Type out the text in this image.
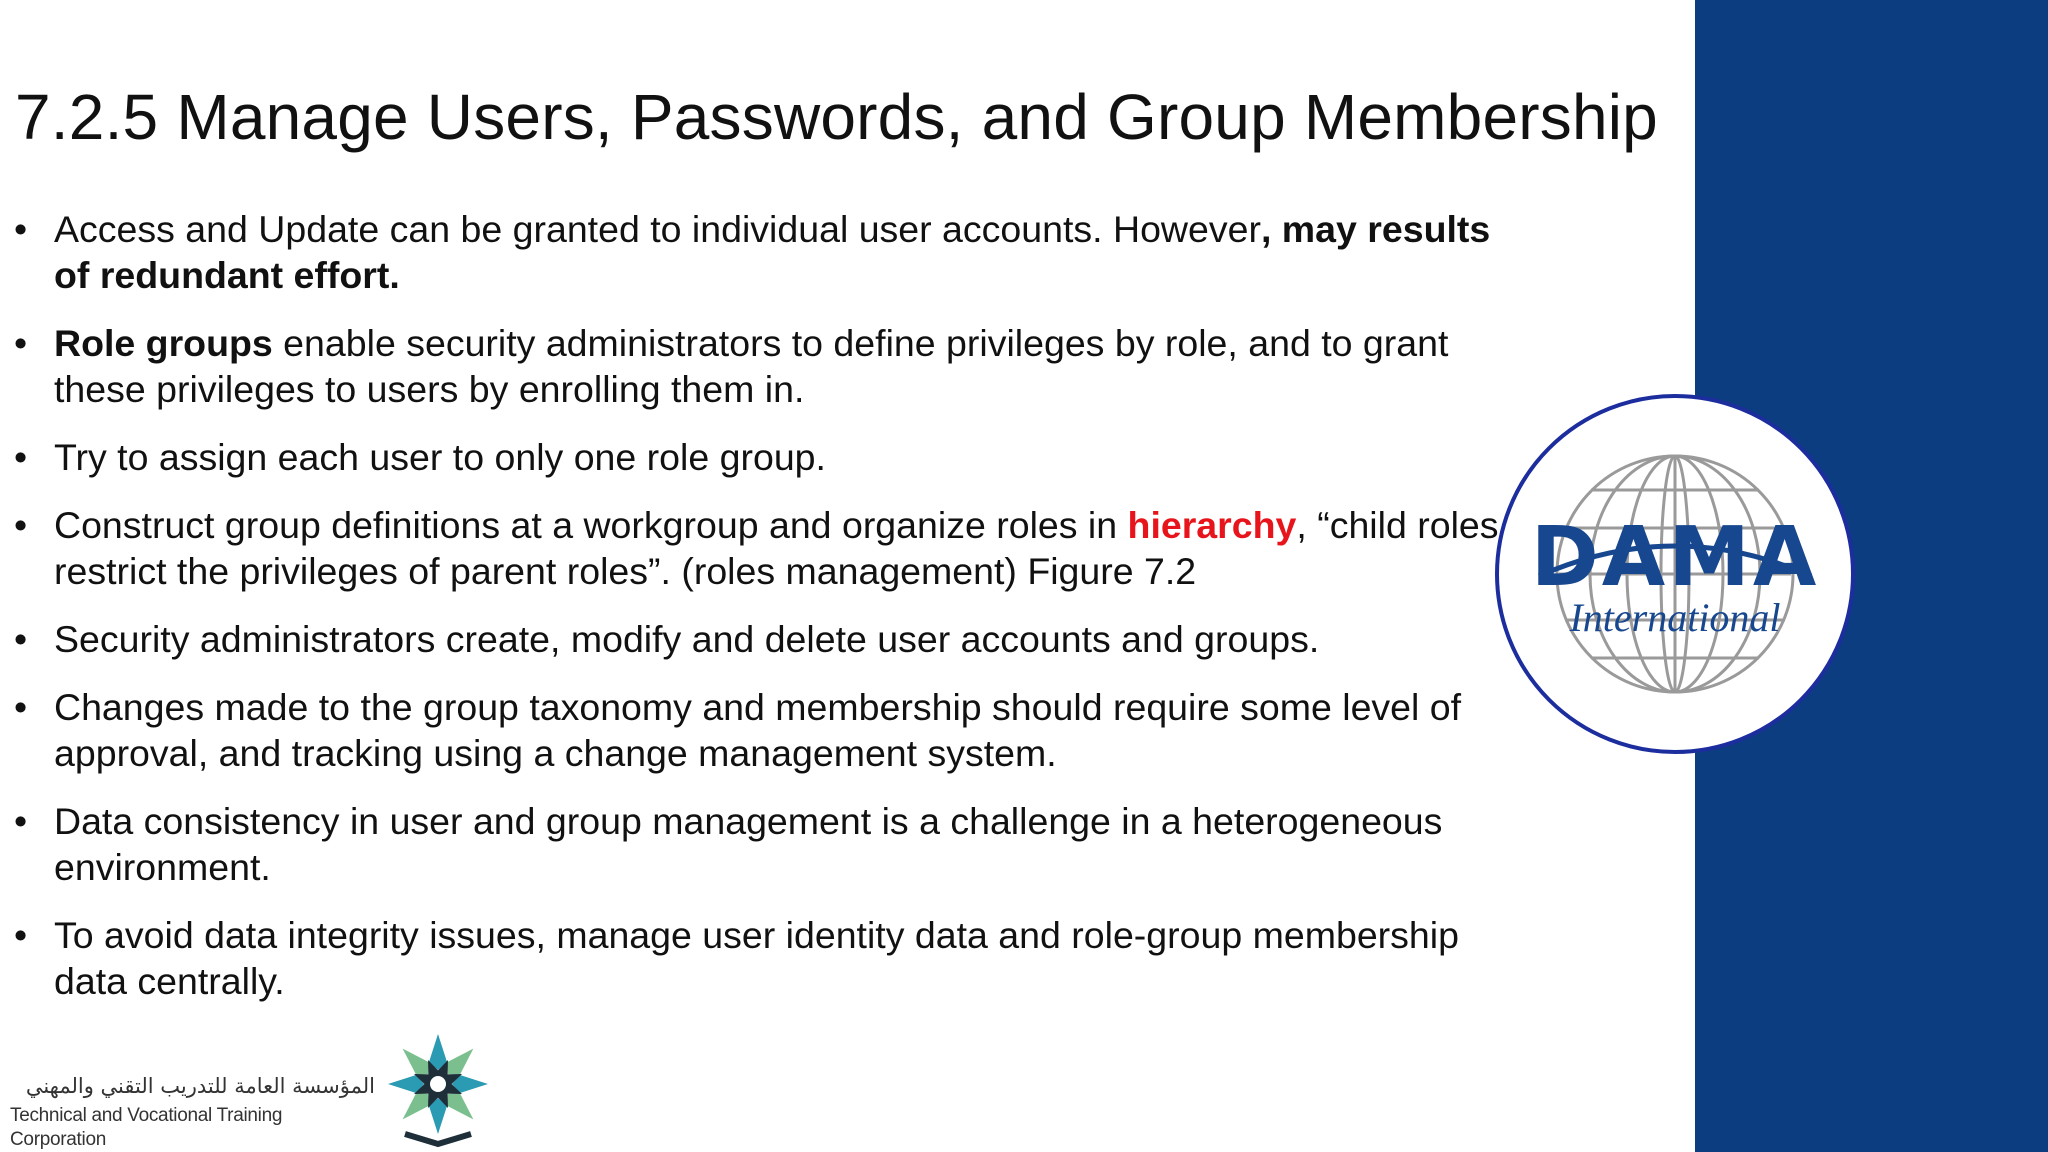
7.2.5 Manage Users, Passwords, and Group Membership
• Access and Update can be granted to individual user accounts. However, may results of redundant effort.
• Role groups enable security administrators to define privileges by role, and to grant these privileges to users by enrolling them in.
• Try to assign each user to only one role group.
• Construct group definitions at a workgroup and organize roles in hierarchy, “child roles restrict the privileges of parent roles”. (roles management) Figure 7.2
• Security administrators create, modify and delete user accounts and groups.
• Changes made to the group taxonomy and membership should require some level of approval, and tracking using a change management system.
• Data consistency in user and group management is a challenge in a heterogeneous environment.
• To avoid data integrity issues, manage user identity data and role-group membership data centrally.
DAMA
International
المؤسسة العامة للتدريب التقني والمهني
Technical and Vocational Training Corporation
